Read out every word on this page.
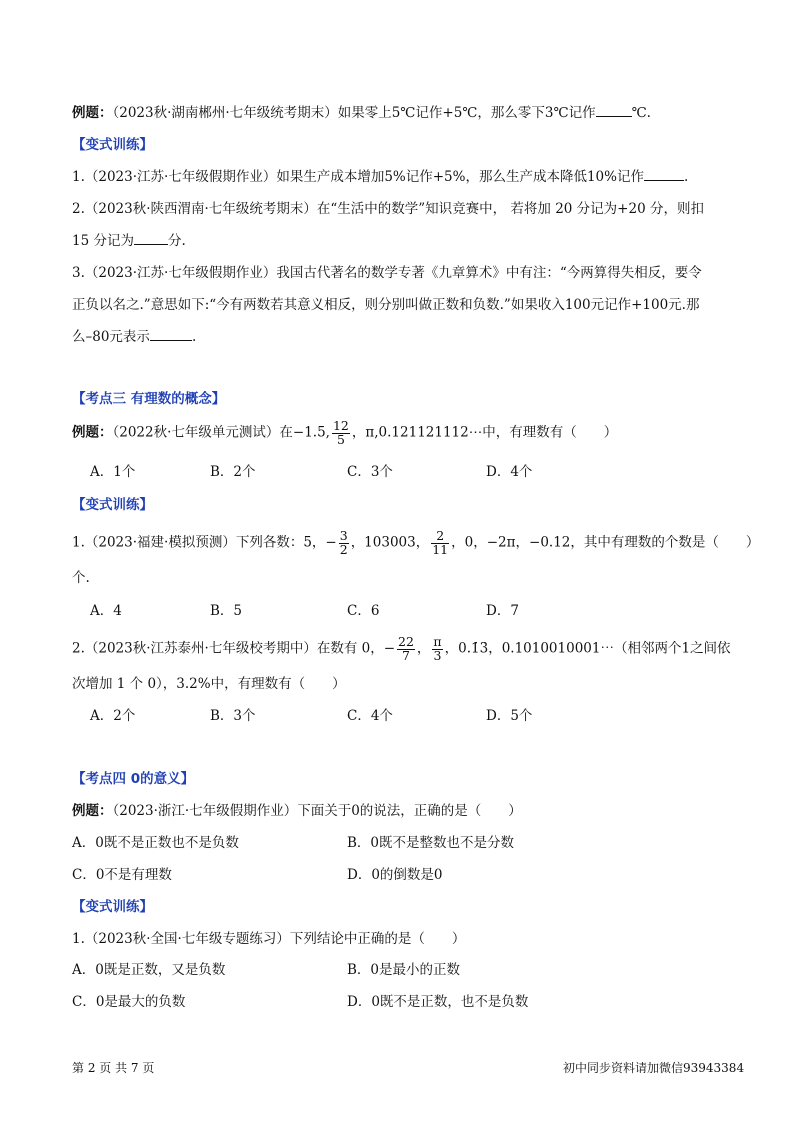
例题：（2023秋·湖南郴州·七年级统考期末）如果零上5℃记作+5℃，那么零下3℃记作	℃.
【变式训练】
1.（2023·江苏·七年级假期作业）如果生产成本增加5%记作+5%，那么生产成本降低10%记作	.
2.（2023秋·陕西渭南·七年级统考期末）在“生活中的数学”知识竞赛中， 若将加 20 分记为+20 分，则扣
15 分记为	分.
3.（2023·江苏·七年级假期作业）我国古代著名的数学专著《九章算术》中有注：“今两算得失相反，要令
正负以名之.”意思如下:“今有两数若其意义相反，则分别叫做正数和负数.”如果收入100元记作+100元.那
么–80元表示	.
【考点三 有理数的概念】
例题：（2022秋·七年级单元测试）在−1.5, $\frac{12}{5}$ ，π,0.121121112⋯中，有理数有（　　）
A．1个	B．2个	C．3个	D．4个
【变式训练】
1.（2023·福建·模拟预测）下列各数：5，− $\frac{3}{2}$ ，103003， $\frac{2}{11}$ ，0，−2π，−0.12，其中有理数的个数是（　　）
个.
A．4	B．5	C．6	D．7
2.（2023秋·江苏泰州·七年级校考期中）在数有 0，− $\frac{22}{7}$ ， $\frac{\pi}{3}$ ，0.1̇3̇，0.1010010001⋯（相邻两个1之间依
次增加 1 个 0），3.2%中，有理数有（　　）
A．2个	B．3个	C．4个	D．5个
【考点四 0的意义】
例题：（2023·浙江·七年级假期作业）下面关于0的说法，正确的是（　　）
A．0既不是正数也不是负数	B．0既不是整数也不是分数
C．0不是有理数	D．0的倒数是0
【变式训练】
1.（2023秋·全国·七年级专题练习）下列结论中正确的是（　　）
A．0既是正数，又是负数	B．0是最小的正数
C．0是最大的负数	D．0既不是正数，也不是负数
第 2 页 共 7 页	初中同步资料请加微信93943384
